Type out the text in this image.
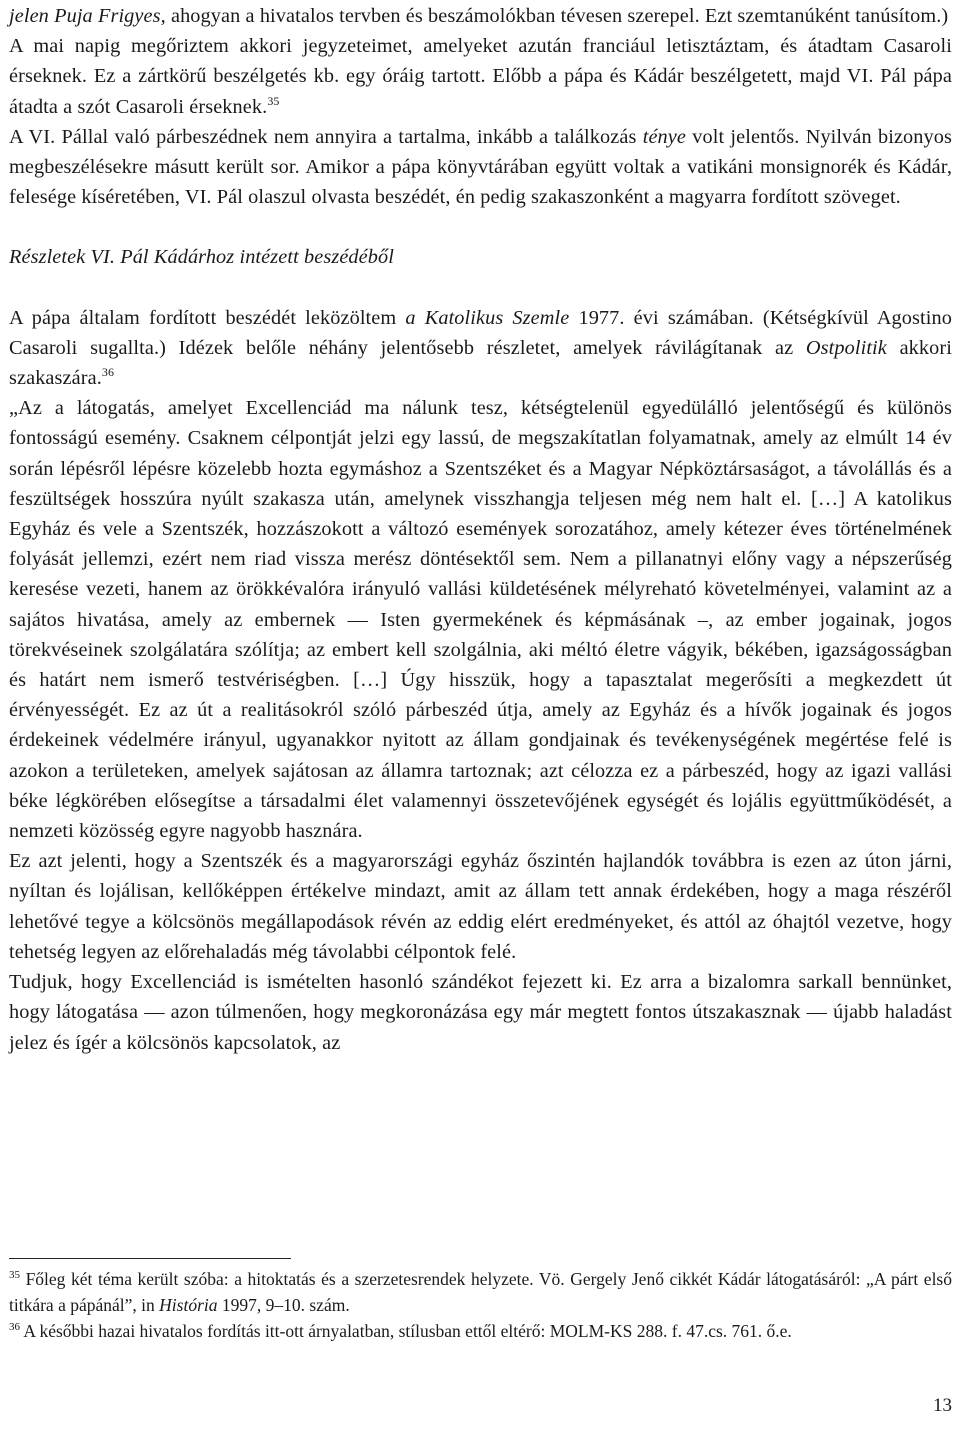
jelen Puja Frigyes, ahogyan a hivatalos tervben és beszámolókban tévesen szerepel. Ezt szemtanúként tanúsítom.)

A mai napig megőriztem akkori jegyzeteimet, amelyeket azután franciául letisztáztam, és átadtam Casaroli érseknek. Ez a zártkörű beszélgetés kb. egy óráig tartott. Előbb a pápa és Kádár beszélgetett, majd VI. Pál pápa átadta a szót Casaroli érseknek.$^{35}$

A VI. Pállal való párbeszédnek nem annyira a tartalma, inkább a találkozás ténye volt jelentős. Nyilván bizonyos megbeszélésekre másutt került sor. Amikor a pápa könyvtárában együtt voltak a vatikáni monsignorék és Kádár, felesége kíséretében, VI. Pál olaszul olvasta beszédét, én pedig szakaszonként a magyarra fordított szöveget.

Részletek VI. Pál Kádárhoz intézett beszédéből

A pápa általam fordított beszédét leközöltem a Katolikus Szemle 1977. évi számában. (Kétségkívül Agostino Casaroli sugallta.) Idézek belőle néhány jelentősebb részletet, amelyek rávilágítanak az Ostpolitik akkori szakaszára.$^{36}$

„Az a látogatás, amelyet Excellenciád ma nálunk tesz, kétségtelenül egyedülálló jelentőségű és különös fontosságú esemény. Csaknem célpontját jelzi egy lassú, de megszakítatlan folyamatnak, amely az elmúlt 14 év során lépésről lépésre közelebb hozta egymáshoz a Szentszéket és a Magyar Népköztársaságot, a távolállás és a feszültségek hosszúra nyúlt szakasza után, amelynek visszhangja teljesen még nem halt el. […] A katolikus Egyház és vele a Szentszék, hozzászokott a változó események sorozatához, amely kétezer éves történelmének folyását jellemzi, ezért nem riad vissza merész döntésektől sem. Nem a pillanatnyi előny vagy a népszerűség keresése vezeti, hanem az örökkévalóra irányuló vallási küldetésének mélyreható követelményei, valamint az a sajátos hivatása, amely az embernek — Isten gyermekének és képmásának –, az ember jogainak, jogos törekvéseinek szolgálatára szólítja; az embert kell szolgálnia, aki méltó életre vágyik, békében, igazságosságban és határt nem ismerő testvériségben. […] Úgy hisszük, hogy a tapasztalat megerősíti a megkezdett út érvényességét. Ez az út a realitásokról szóló párbeszéd útja, amely az Egyház és a hívők jogainak és jogos érdekeinek védelmére irányul, ugyanakkor nyitott az állam gondjainak és tevékenységének megértése felé is azokon a területeken, amelyek sajátosan az államra tartoznak; azt célozza ez a párbeszéd, hogy az igazi vallási béke légkörében elősegítse a társadalmi élet valamennyi összetevőjének egységét és lojális együttműködését, a nemzeti közösség egyre nagyobb hasznára.

Ez azt jelenti, hogy a Szentszék és a magyarországi egyház őszintén hajlandók továbbra is ezen az úton járni, nyíltan és lojálisan, kellőképpen értékelve mindazt, amit az állam tett annak érdekében, hogy a maga részéről lehetővé tegye a kölcsönös megállapodások révén az eddig elért eredményeket, és attól az óhajtól vezetve, hogy tehetség legyen az előrehaladás még távolabbi célpontok felé.

Tudjuk, hogy Excellenciád is ismételten hasonló szándékot fejezett ki. Ez arra a bizalomra sarkall bennünket, hogy látogatása — azon túlmenően, hogy megkoronázása egy már megtett fontos útszakasznak — újabb haladást jelez és ígér a kölcsönös kapcsolatok, az

$^{35}$ Főleg két téma került szóba: a hitoktatás és a szerzetesrendek helyzete. Vö. Gergely Jenő cikkét Kádár látogatásáról: „A párt első titkára a pápánál”, in História 1997, 9–10. szám.

$^{36}$ A későbbi hazai hivatalos fordítás itt-ott árnyalatban, stílusban ettől eltérő: MOLM-KS 288. f. 47.cs. 761. ő.e.

13
